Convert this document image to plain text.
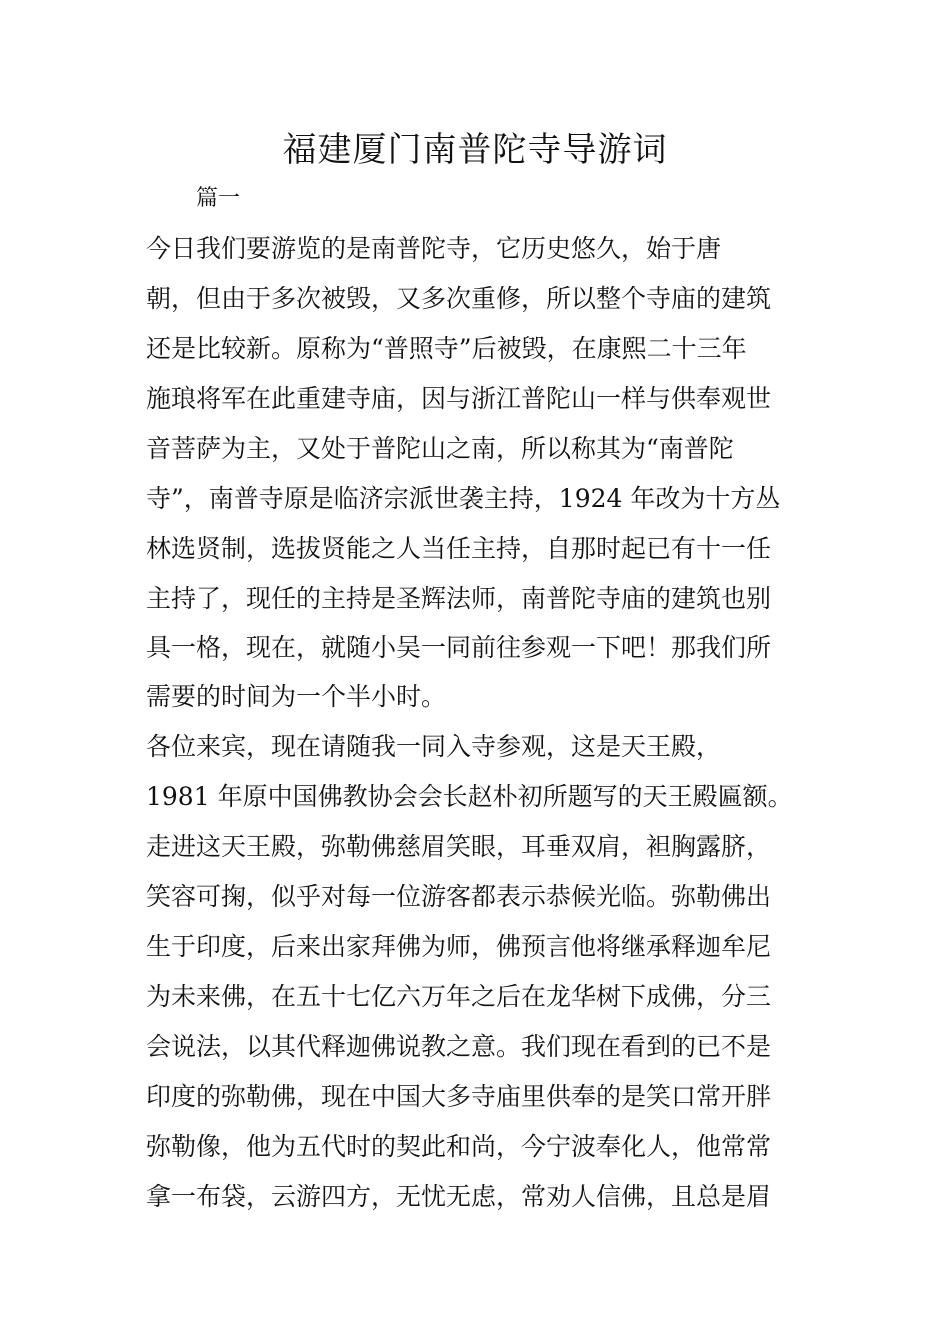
福建厦门南普陀寺导游词
篇一
今日我们要游览的是南普陀寺，它历史悠久，始于唐
朝，但由于多次被毁，又多次重修，所以整个寺庙的建筑
还是比较新。原称为“普照寺”后被毁，在康熙二十三年
施琅将军在此重建寺庙，因与浙江普陀山一样与供奉观世
音菩萨为主，又处于普陀山之南，所以称其为“南普陀
寺”，南普寺原是临济宗派世袭主持，1924 年改为十方丛
林选贤制，选拔贤能之人当任主持，自那时起已有十一任
主持了，现任的主持是圣辉法师，南普陀寺庙的建筑也别
具一格，现在，就随小吴一同前往参观一下吧！那我们所
需要的时间为一个半小时。
各位来宾，现在请随我一同入寺参观，这是天王殿，
1981 年原中国佛教协会会长赵朴初所题写的天王殿匾额。
走进这天王殿，弥勒佛慈眉笑眼，耳垂双肩，袒胸露脐，
笑容可掬，似乎对每一位游客都表示恭候光临。弥勒佛出
生于印度，后来出家拜佛为师，佛预言他将继承释迦牟尼
为未来佛，在五十七亿六万年之后在龙华树下成佛，分三
会说法，以其代释迦佛说教之意。我们现在看到的已不是
印度的弥勒佛，现在中国大多寺庙里供奉的是笑口常开胖
弥勒像，他为五代时的契此和尚，今宁波奉化人，他常常
拿一布袋，云游四方，无忧无虑，常劝人信佛，且总是眉
